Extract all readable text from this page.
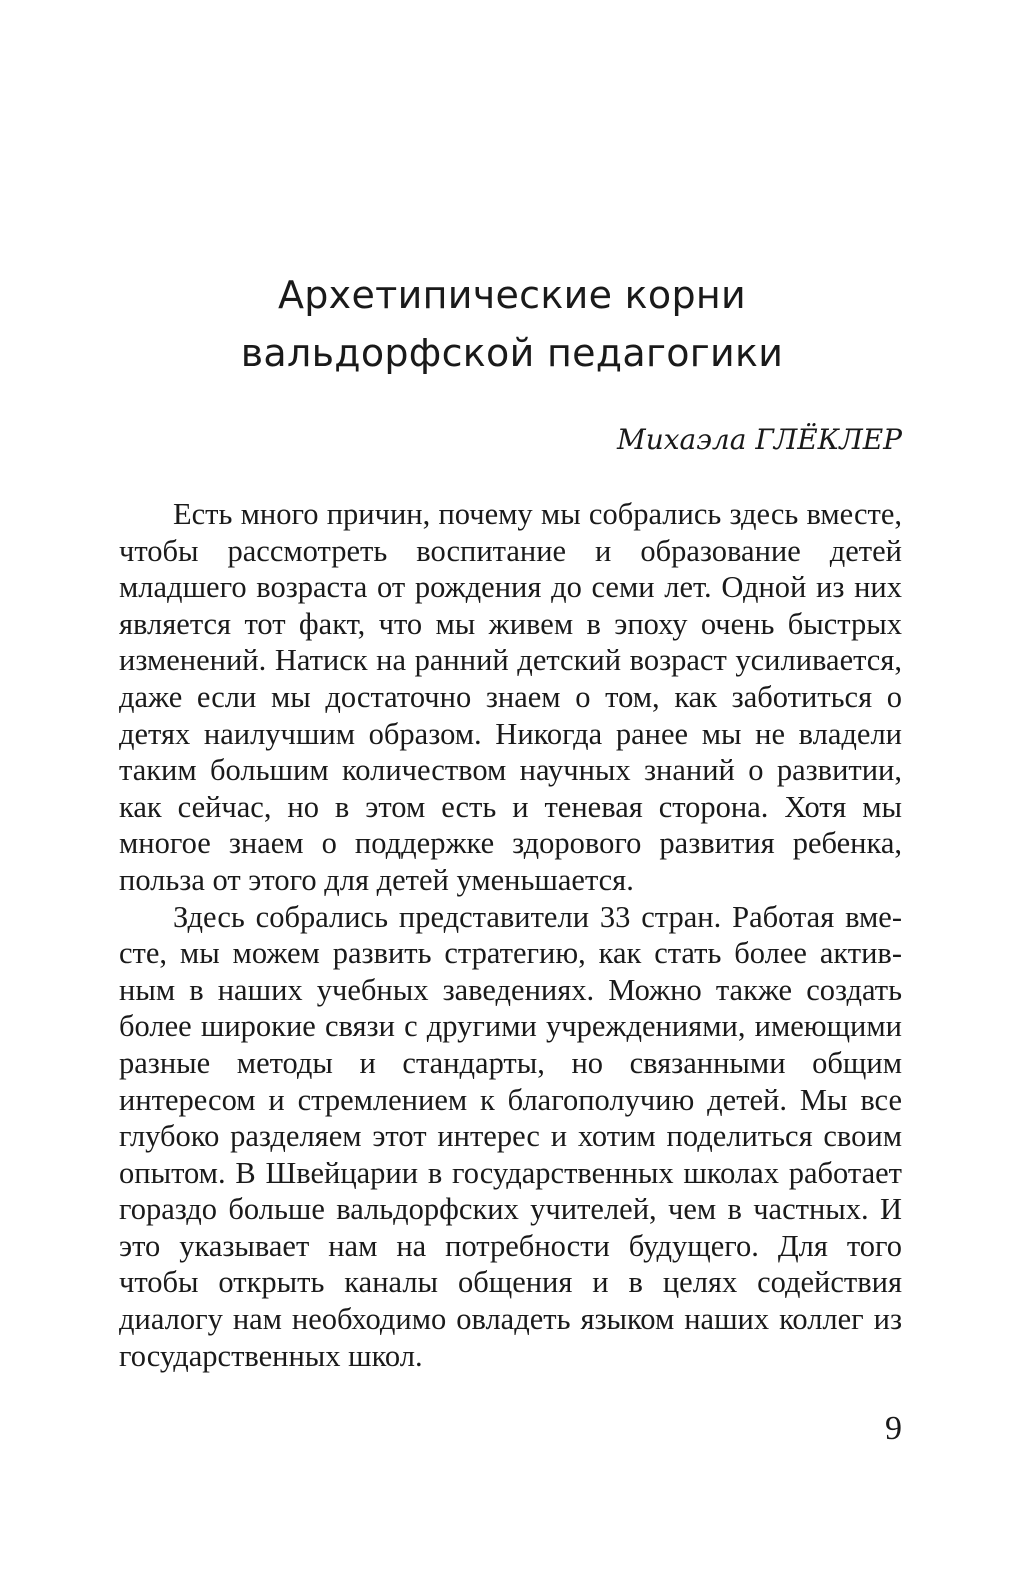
Архетипические корни
вальдорфской педагогики

Михаэла ГЛЁКЛЕР

Есть много причин, почему мы собрались здесь вместе, чтобы рассмотреть воспитание и образование детей младшего возраста от рождения до семи лет. Одной из них является тот факт, что мы живем в эпоху очень быстрых изменений. Натиск на ранний детский возраст усиливается, даже если мы достаточно знаем о том, как заботиться о детях наилучшим образом. Никогда ранее мы не владели таким большим количеством научных знаний о развитии, как сейчас, но в этом есть и теневая сторона. Хотя мы многое знаем о поддержке здорового развития ребенка, польза от этого для детей уменьшается.

Здесь собрались представители 33 стран. Работая вместе, мы можем развить стратегию, как стать более активным в наших учебных заведениях. Можно также создать более широкие связи с другими учреждениями, имеющими разные методы и стандарты, но связанными общим интересом и стремлением к благополучию детей. Мы все глубоко разделяем этот интерес и хотим поделиться своим опытом. В Швейцарии в государственных школах работает гораздо больше вальдорфских учителей, чем в частных. И это указывает нам на потребности будущего. Для того чтобы открыть каналы общения и в целях содействия диалогу нам необходимо овладеть языком наших коллег из государственных школ.

9
